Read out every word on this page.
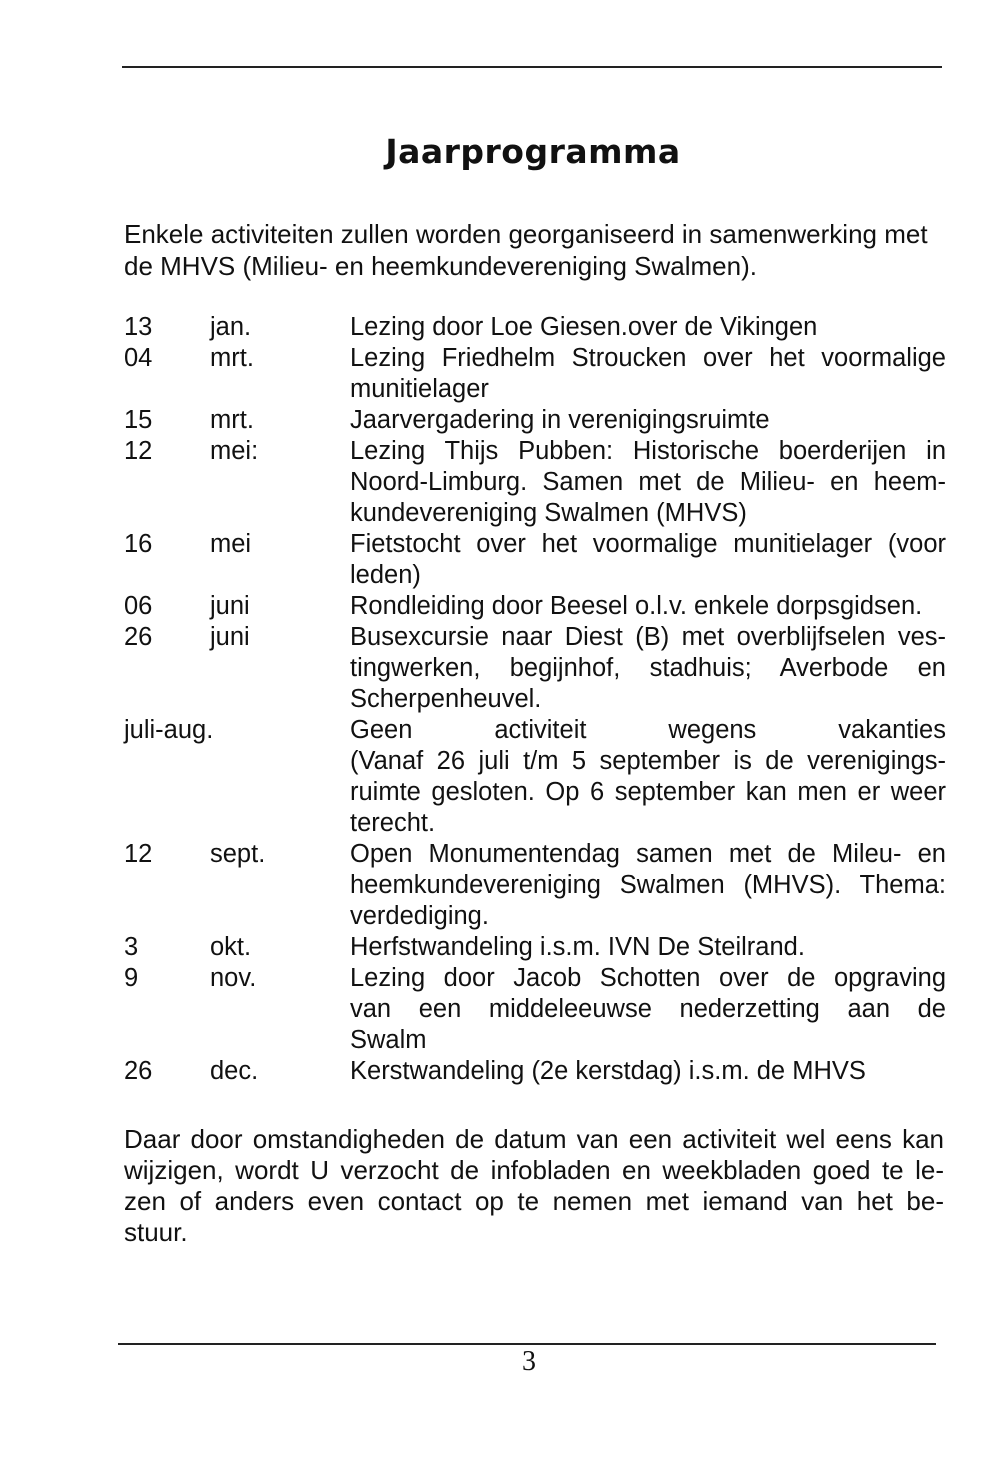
Jaarprogramma
Enkele activiteiten zullen worden georganiseerd in samenwerking met de MHVS (Milieu- en heemkundevereniging Swalmen).
13	jan.	Lezing door Loe Giesen.over de Vikingen
04	mrt.	Lezing Friedhelm Stroucken over het voormalige
munitielager
15	mrt.	Jaarvergadering in verenigingsruimte
12	mei:	Lezing Thijs Pubben: Historische boerderijen in
Noord-Limburg. Samen met de Milieu- en heem-
kundevereniging Swalmen (MHVS)
16	mei	Fietstocht over het voormalige munitielager (voor
leden)
06	juni	Rondleiding door Beesel o.l.v. enkele dorpsgidsen.
26	juni	Busexcursie naar Diest (B) met overblijfselen ves-
tingwerken, begijnhof, stadhuis; Averbode en
Scherpenheuvel.
juli-aug.	Geen activiteit wegens vakanties
(Vanaf 26 juli t/m 5 september is de verenigings-
ruimte gesloten. Op 6 september kan men er weer
terecht.
12	sept.	Open Monumentendag samen met de Mileu- en
heemkundevereniging Swalmen (MHVS). Thema:
verdediging.
3	okt.	Herfstwandeling i.s.m. IVN De Steilrand.
9	nov.	Lezing door Jacob Schotten over de opgraving
van een middeleeuwse nederzetting aan de
Swalm
26	dec.	Kerstwandeling (2e kerstdag) i.s.m. de MHVS
Daar door omstandigheden de datum van een activiteit wel eens kan
wijzigen, wordt U verzocht de infobladen en weekbladen goed te le-
zen of anders even contact op te nemen met iemand van het be-
stuur.
3
